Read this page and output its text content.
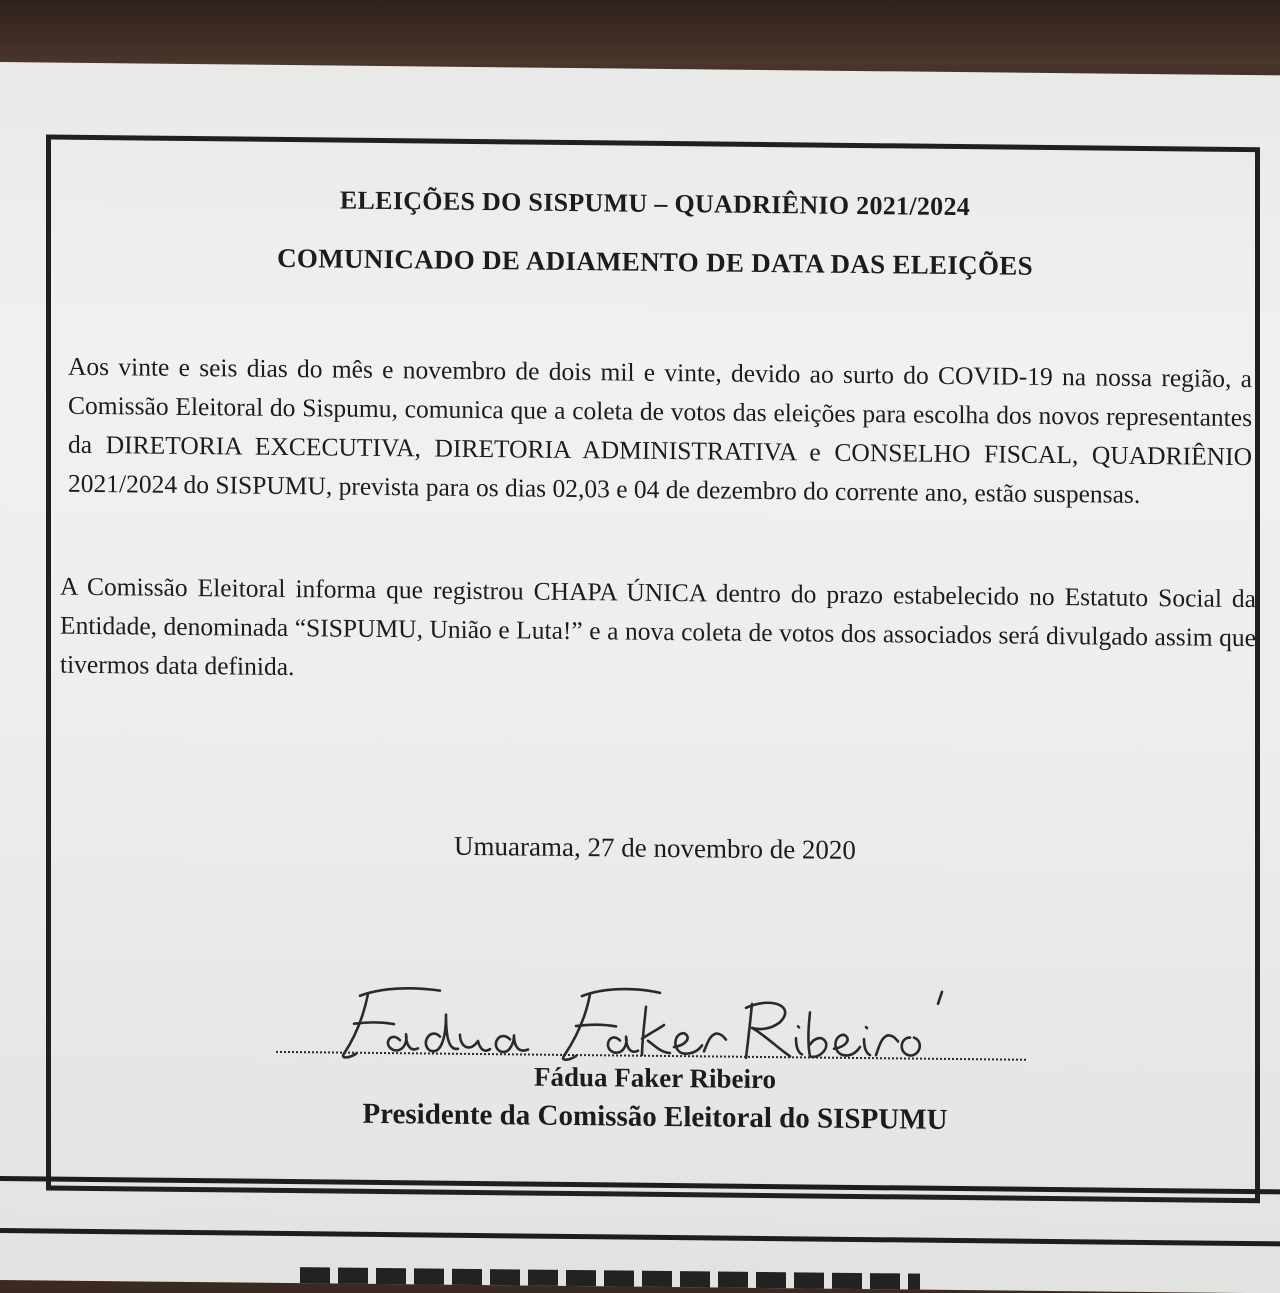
ELEIÇÕES DO SISPUMU – QUADRIÊNIO 2021/2024
COMUNICADO DE ADIAMENTO DE DATA DAS ELEIÇÕES
Aos vinte e seis dias do mês e novembro de dois mil e vinte, devido ao surto do COVID-19 na nossa região, a Comissão Eleitoral do Sispumu, comunica que a coleta de votos das eleições para escolha dos novos representantes da DIRETORIA EXCECUTIVA, DIRETORIA ADMINISTRATIVA e CONSELHO FISCAL, QUADRIÊNIO 2021/2024 do SISPUMU, prevista para os dias 02,03 e 04 de dezembro do corrente ano, estão suspensas.
A Comissão Eleitoral informa que registrou CHAPA ÚNICA dentro do prazo estabelecido no Estatuto Social da Entidade, denominada “SISPUMU, União e Luta!” e a nova coleta de votos dos associados será divulgado assim que tivermos data definida.
Umuarama, 27 de novembro de 2020
Fádua Faker Ribeiro
Presidente da Comissão Eleitoral do SISPUMU
